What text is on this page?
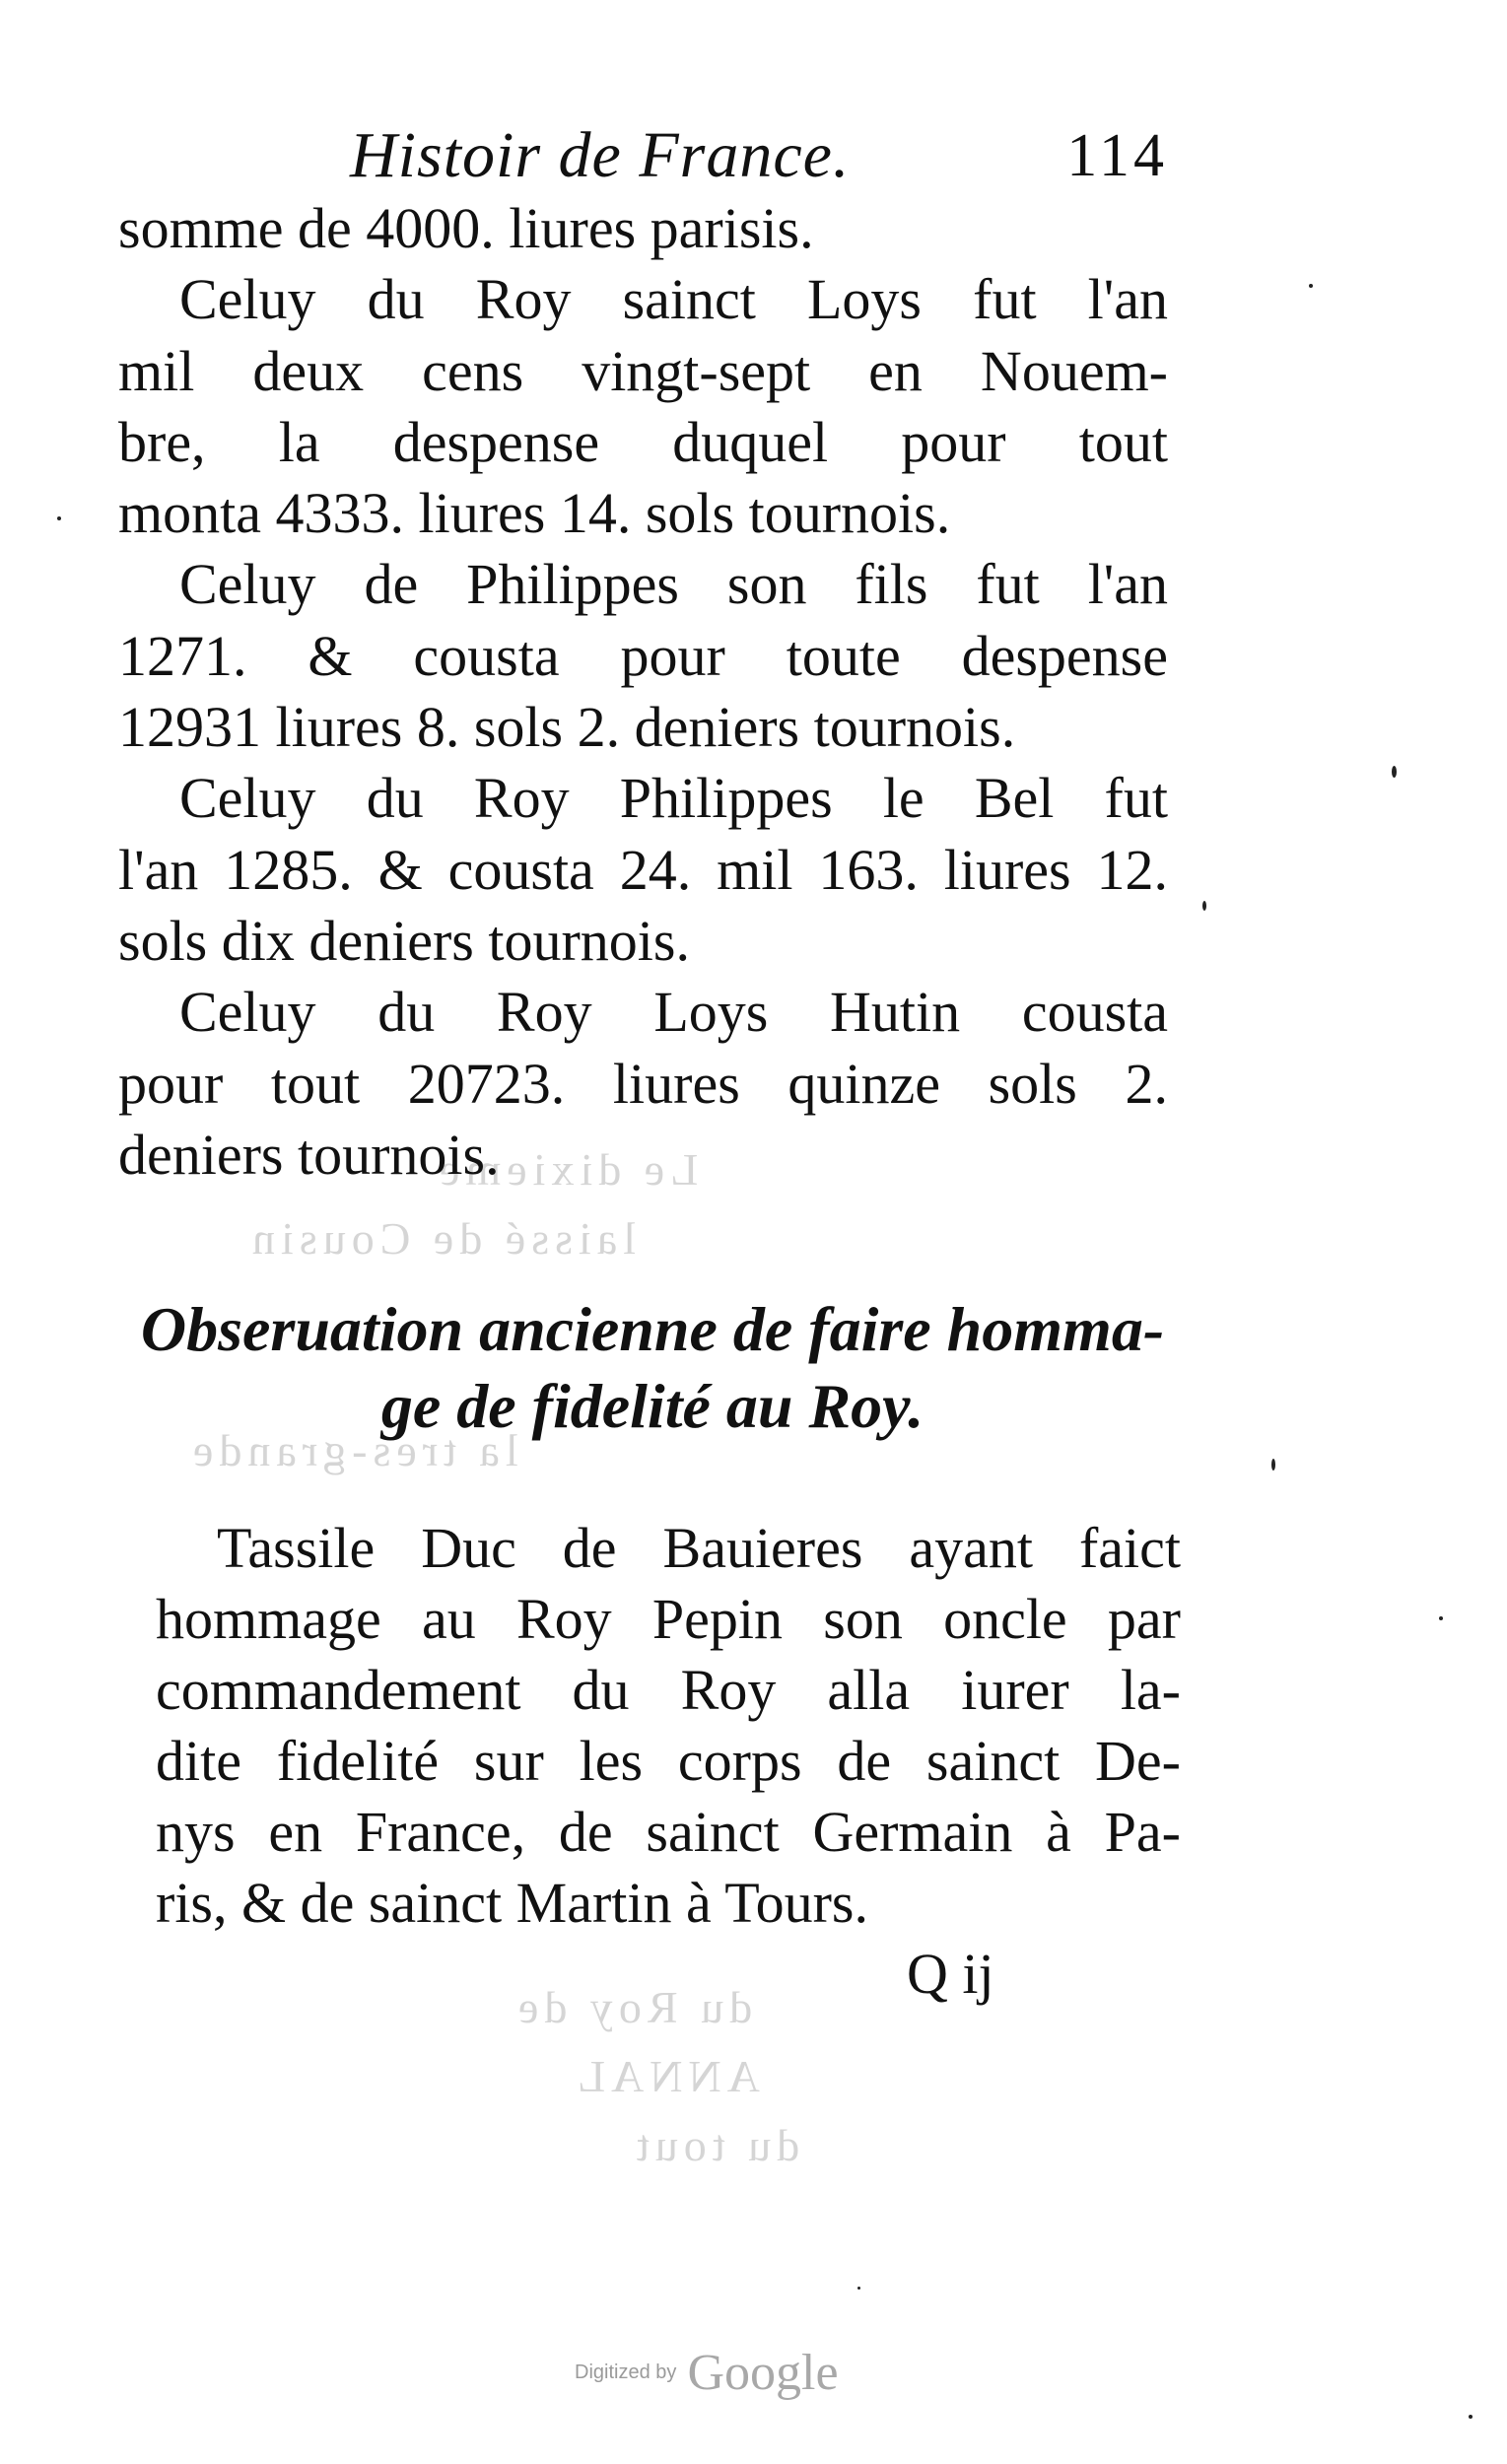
Le dixieme
laissé de Cousin
la tres-grande
du Roy de
ANNAL
du tout
Histoir de France.	114
somme de 4000. liures parisis.
Celuy du Roy sainct Loys fut l'an
mil deux cens vingt-sept en Nouem-
bre, la despense duquel pour tout
monta 4333. liures 14. sols tournois.
Celuy de Philippes son fils fut l'an
1271. & cousta pour toute despense
12931 liures 8. sols 2. deniers tournois.
Celuy du Roy Philippes le Bel fut
l'an 1285. & cousta 24. mil 163. liures 12.
sols dix deniers tournois.
Celuy du Roy Loys Hutin cousta
pour tout 20723. liures quinze sols 2.
deniers tournois.
Obseruation ancienne de faire homma-
ge de fidelité au Roy.
Tassile Duc de Bauieres ayant faict
hommage au Roy Pepin son oncle par
commandement du Roy alla iurer la-
dite fidelité sur les corps de sainct De-
nys en France, de sainct Germain à Pa-
ris, & de sainct Martin à Tours.
Q ij
Digitized by Google
